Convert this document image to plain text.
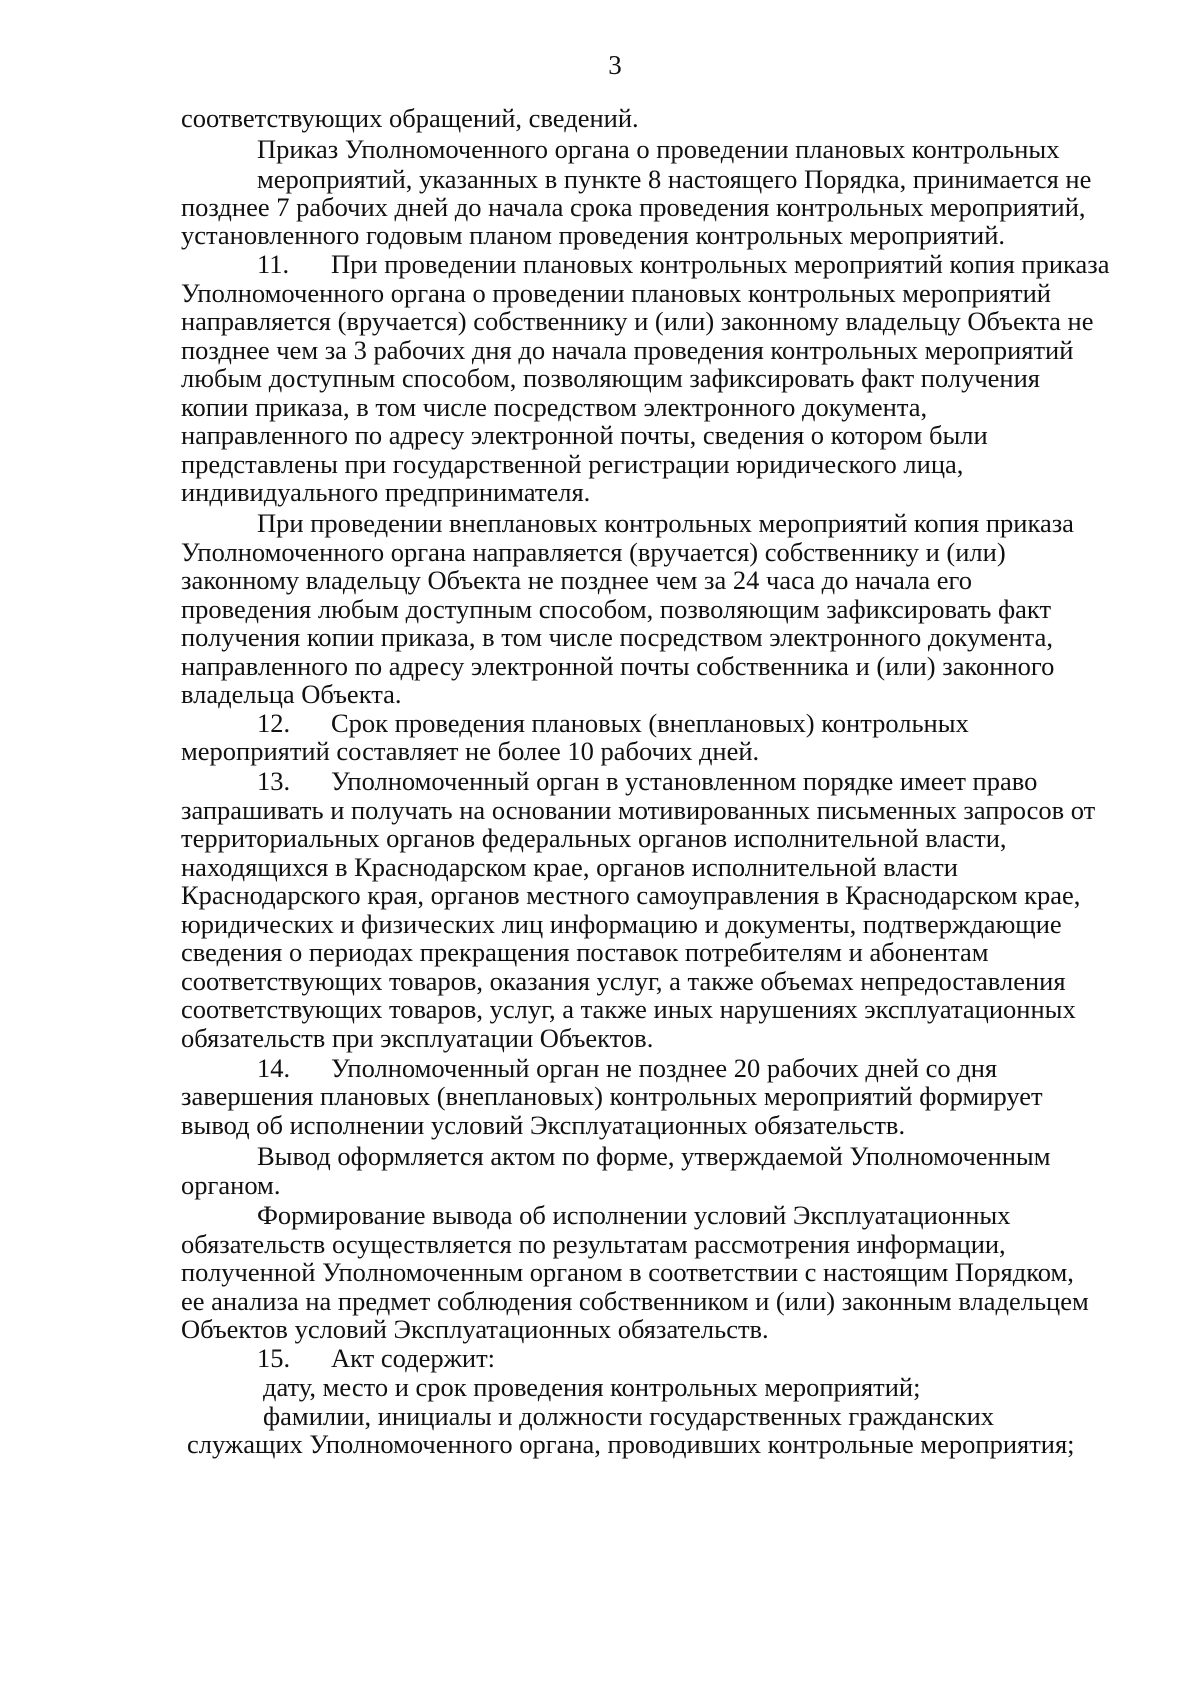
3
соответствующих обращений, сведений.
Приказ Уполномоченного органа о проведении плановых контрольных
мероприятий, указанных в пункте 8 настоящего Порядка, принимается не
позднее 7 рабочих дней до начала срока проведения контрольных мероприятий,
установленного годовым планом проведения контрольных мероприятий.
11. При проведении плановых контрольных мероприятий копия приказа
Уполномоченного органа о проведении плановых контрольных мероприятий
направляется (вручается) собственнику и (или) законному владельцу Объекта не
позднее чем за 3 рабочих дня до начала проведения контрольных мероприятий
любым доступным способом, позволяющим зафиксировать факт получения
копии приказа, в том числе посредством электронного документа,
направленного по адресу электронной почты, сведения о котором были
представлены при государственной регистрации юридического лица,
индивидуального предпринимателя.
При проведении внеплановых контрольных мероприятий копия приказа
Уполномоченного органа направляется (вручается) собственнику и (или)
законному владельцу Объекта не позднее чем за 24 часа до начала его
проведения любым доступным способом, позволяющим зафиксировать факт
получения копии приказа, в том числе посредством электронного документа,
направленного по адресу электронной почты собственника и (или) законного
владельца Объекта.
12. Срок проведения плановых (внеплановых) контрольных
мероприятий составляет не более 10 рабочих дней.
13. Уполномоченный орган в установленном порядке имеет право
запрашивать и получать на основании мотивированных письменных запросов от
территориальных органов федеральных органов исполнительной власти,
находящихся в Краснодарском крае, органов исполнительной власти
Краснодарского края, органов местного самоуправления в Краснодарском крае,
юридических и физических лиц информацию и документы, подтверждающие
сведения о периодах прекращения поставок потребителям и абонентам
соответствующих товаров, оказания услуг, а также объемах непредоставления
соответствующих товаров, услуг, а также иных нарушениях эксплуатационных
обязательств при эксплуатации Объектов.
14. Уполномоченный орган не позднее 20 рабочих дней со дня
завершения плановых (внеплановых) контрольных мероприятий формирует
вывод об исполнении условий Эксплуатационных обязательств.
Вывод оформляется актом по форме, утверждаемой Уполномоченным
органом.
Формирование вывода об исполнении условий Эксплуатационных
обязательств осуществляется по результатам рассмотрения информации,
полученной Уполномоченным органом в соответствии с настоящим Порядком,
ее анализа на предмет соблюдения собственником и (или) законным владельцем
Объектов условий Эксплуатационных обязательств.
15. Акт содержит:
дату, место и срок проведения контрольных мероприятий;
фамилии, инициалы и должности государственных гражданских
служащих Уполномоченного органа, проводивших контрольные мероприятия;
